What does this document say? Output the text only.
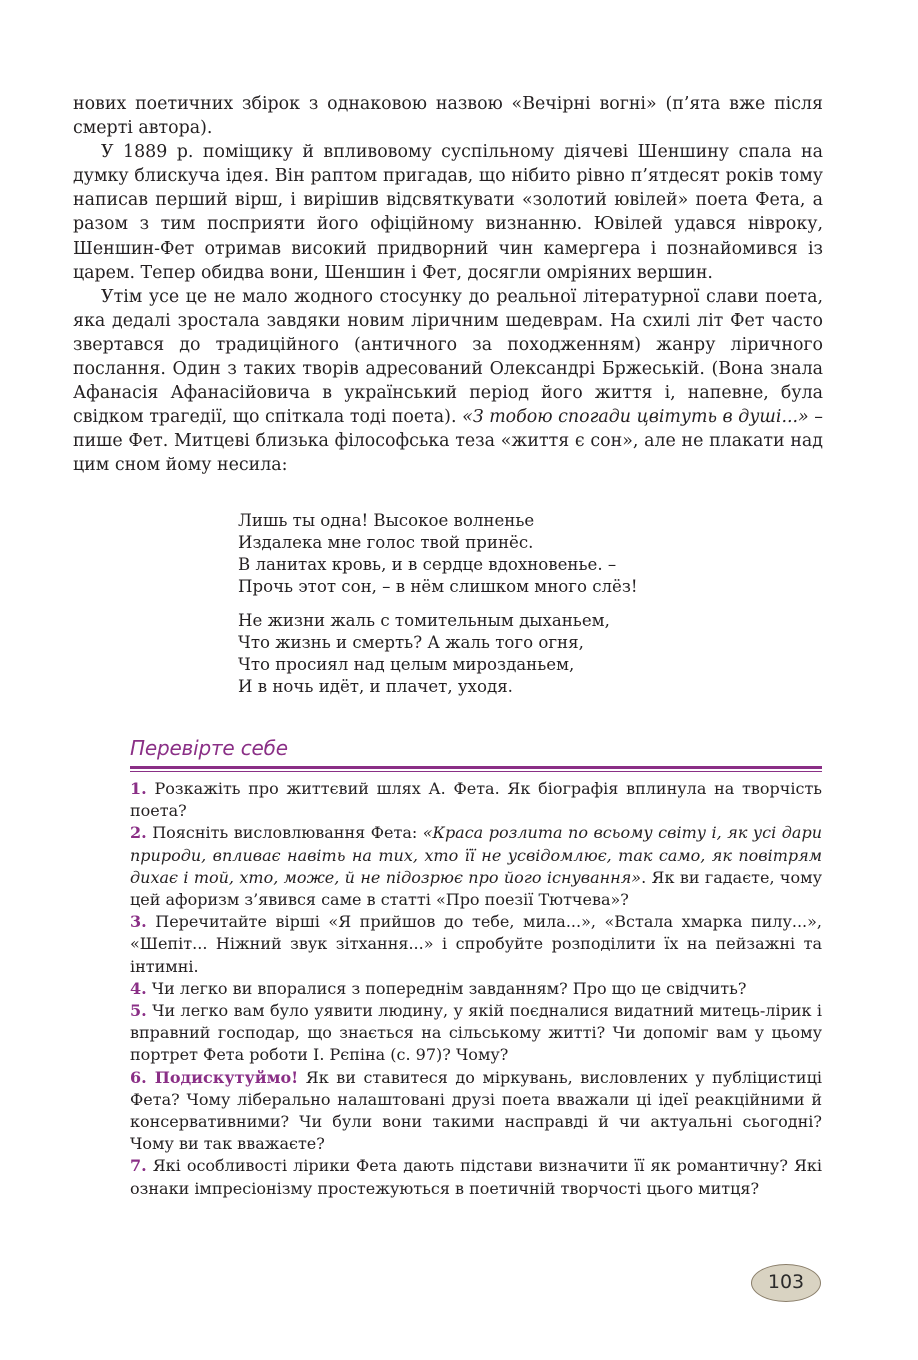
нових поетичних збірок з однаковою назвою «Вечірні вогні» (п’ята вже після смерті автора).

У 1889 р. поміщику й впливовому суспільному діячеві Шеншину спала на думку блискуча ідея. Він раптом пригадав, що нібито рівно п’ятдесят років тому написав перший вірш, і вирішив відсвяткувати «золотий ювілей» поета Фета, а разом з тим посприяти його офіційному визнанню. Ювілей удався нівроку, Шеншин-Фет отримав високий придворний чин камергера і познайомився із царем. Тепер обидва вони, Шеншин і Фет, досягли омріяних вершин.

Утім усе це не мало жодного стосунку до реальної літературної слави поета, яка дедалі зростала завдяки новим ліричним шедеврам. На схилі літ Фет часто звертався до традиційного (античного за походженням) жанру ліричного послання. Один з таких творів адресований Олександрі Бржеській. (Вона знала Афанасія Афанасійовича в український період його життя і, напевне, була свідком трагедії, що спіткала тоді поета). «З тобою спогади цвітуть в душі...» – пише Фет. Митцеві близька філософська теза «життя є сон», але не плакати над цим сном йому несила:

Лишь ты одна! Высокое волненье
Издалека мне голос твой принёс.
В ланитах кровь, и в сердце вдохновенье. –
Прочь этот сон, – в нём слишком много слёз!
Не жизни жаль с томительным дыханьем,
Что жизнь и смерть? А жаль того огня,
Что просиял над целым мирозданьем,
И в ночь идёт, и плачет, уходя.
Перевірте себе

1. Розкажіть про життєвий шлях А. Фета. Як біографія вплинула на творчість поета?

2. Поясніть висловлювання Фета: «Краса розлита по всьому світу і, як усі дари природи, впливає навіть на тих, хто її не усвідомлює, так само, як повітрям дихає і той, хто, може, й не підозрює про його існування». Як ви гадаєте, чому цей афоризм з’явився саме в статті «Про поезії Тютчева»?

3. Перечитайте вірші «Я прийшов до тебе, мила...», «Встала хмарка пилу...», «Шепіт... Ніжний звук зітхання...» і спробуйте розподілити їх на пейзажні та інтимні.

4. Чи легко ви впоралися з попереднім завданням? Про що це свідчить?

5. Чи легко вам було уявити людину, у якій поєдналися видатний митець-лірик і вправний господар, що знається на сільському житті? Чи допоміг вам у цьому портрет Фета роботи І. Рєпіна (с. 97)? Чому?

6. Подискутуймо! Як ви ставитеся до міркувань, висловлених у публіцистиці Фета? Чому ліберально налаштовані друзі поета вважали ці ідеї реакційними й консервативними? Чи були вони такими насправді й чи актуальні сьогодні? Чому ви так вважаєте?

7. Які особливості лірики Фета дають підстави визначити її як романтичну? Які ознаки імпресіонізму простежуються в поетичній творчості цього митця?

103
